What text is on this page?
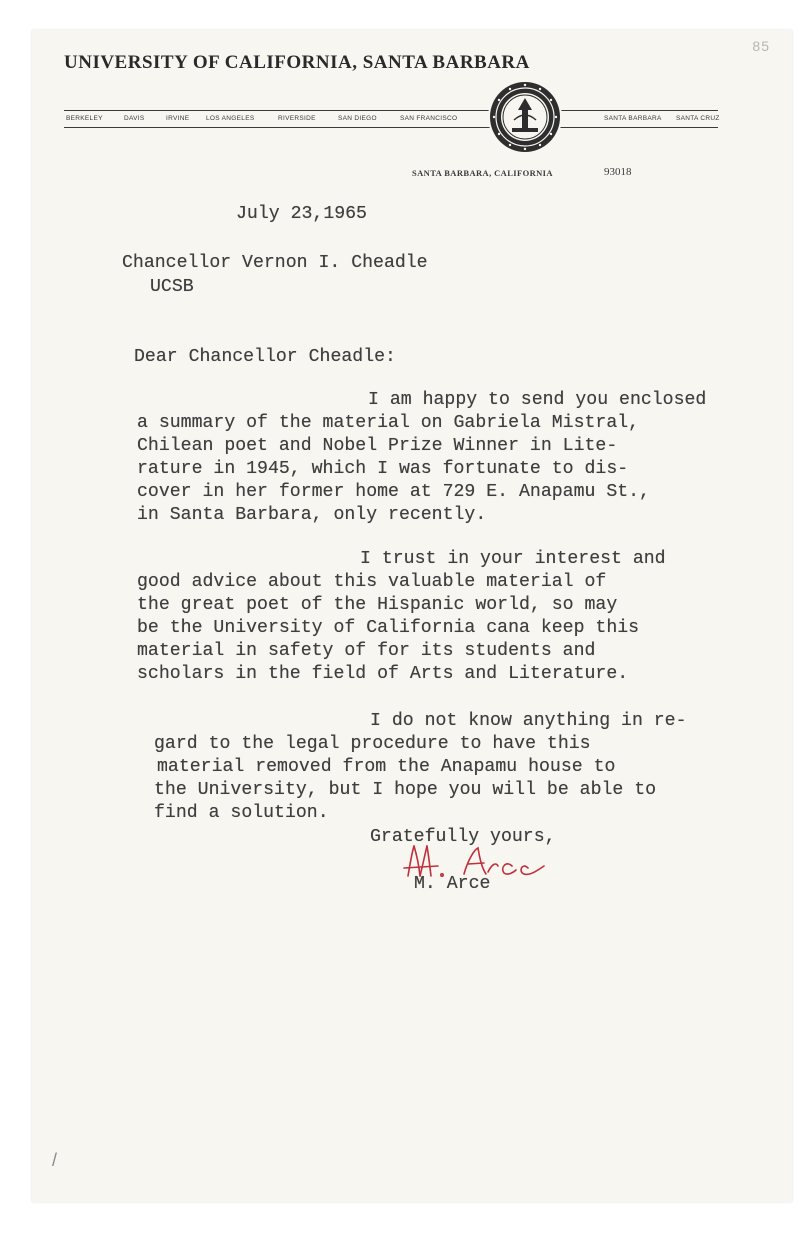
85
UNIVERSITY OF CALIFORNIA, SANTA BARBARA
BERKELEY	DAVIS	IRVINE	LOS ANGELES	RIVERSIDE	SAN DIEGO	SAN FRANCISCO	SANTA BARBARA SANTA CRUZ
SANTA BARBARA, CALIFORNIA	93018
July 23,1965
Chancellor Vernon I. Cheadle
UCSB
Dear Chancellor Cheadle:
I am happy to send you enclosed
a summary of the material on Gabriela Mistral,
Chilean poet and Nobel Prize Winner in Lite-
rature in 1945, which I was fortunate to dis-
cover in her former home at 729 E. Anapamu St.,
in Santa Barbara, only recently.
I trust in your interest and
good advice about this valuable material of
the great poet of the Hispanic world, so may
be the University of California cana keep this
material in safety of for its students and
scholars in the field of Arts and Literature.
I do not know anything in re-
gard to the legal procedure to have this
material removed from the Anapamu house to
the University, but I hope you will be able to
find a solution.
Gratefully yours,
M. Arce
/
